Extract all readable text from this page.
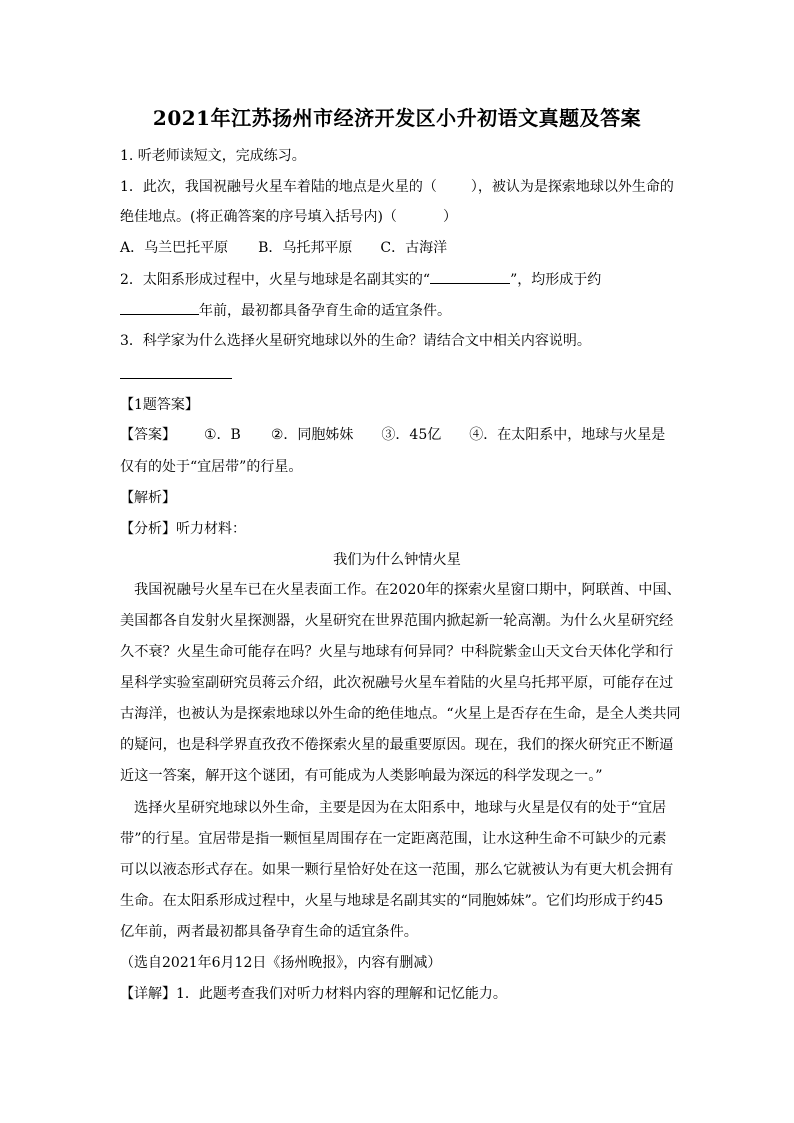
2021年江苏扬州市经济开发区小升初语文真题及答案
1. 听老师读短文，完成练习。
1．此次，我国祝融号火星车着陆的地点是火星的（ ），被认为是探索地球以外生命的
绝佳地点。(将正确答案的序号填入括号内)（	）
A．乌兰巴托平原 B．乌托邦平原 C．古海洋
2．太阳系形成过程中，火星与地球是名副其实的“	”，均形成于约
年前，最初都具备孕育生命的适宜条件。
3．科学家为什么选择火星研究地球以外的生命？请结合文中相关内容说明。
【1题答案】
【答案】 ①．B ②．同胞姊妹 ③．45亿 ④．在太阳系中，地球与火星是
仅有的处于“宜居带”的行星。
【解析】
【分析】听力材料：
我们为什么钟情火星
我国祝融号火星车已在火星表面工作。在2020年的探索火星窗口期中，阿联酋、中国、
美国都各自发射火星探测器，火星研究在世界范围内掀起新一轮高潮。为什么火星研究经
久不衰？火星生命可能存在吗？火星与地球有何异同？中科院紫金山天文台天体化学和行
星科学实验室副研究员蒋云介绍，此次祝融号火星车着陆的火星乌托邦平原，可能存在过
古海洋，也被认为是探索地球以外生命的绝佳地点。“火星上是否存在生命，是全人类共同
的疑问，也是科学界直孜孜不倦探索火星的最重要原因。现在，我们的探火研究正不断逼
近这一答案，解开这个谜团，有可能成为人类影响最为深远的科学发现之一。”
选择火星研究地球以外生命，主要是因为在太阳系中，地球与火星是仅有的处于“宜居
带”的行星。宜居带是指一颗恒星周围存在一定距离范围，让水这种生命不可缺少的元素
可以以液态形式存在。如果一颗行星恰好处在这一范围，那么它就被认为有更大机会拥有
生命。在太阳系形成过程中，火星与地球是名副其实的“同胞姊妹”。它们均形成于约45
亿年前，两者最初都具备孕育生命的适宜条件。
（选自2021年6月12日《扬州晚报》，内容有删减）
【详解】1．此题考查我们对听力材料内容的理解和记忆能力。
